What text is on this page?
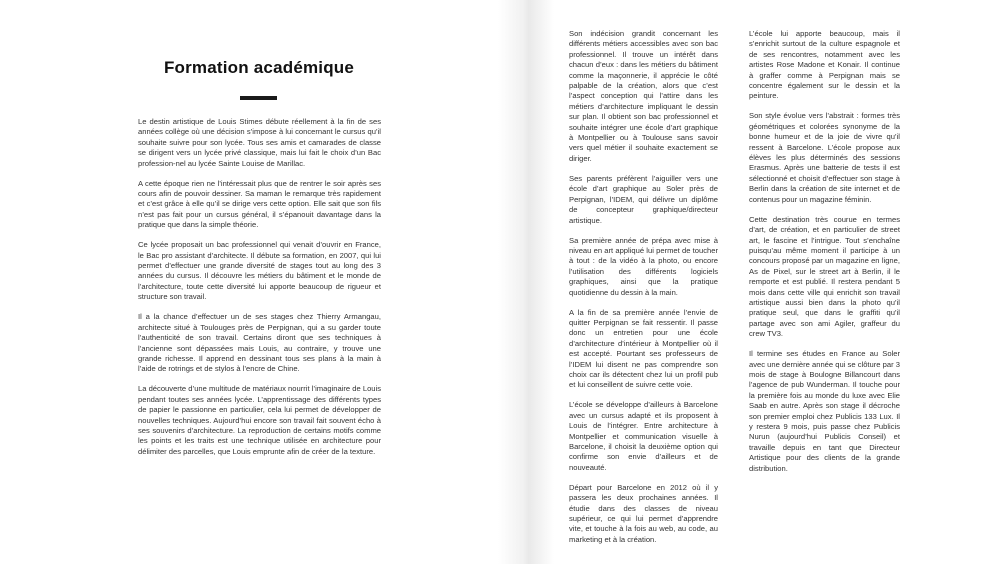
Formation académique

Le destin artistique de Louis Stimes débute réellement à la fin de ses années collège où une décision s’impose à lui concernant le cursus qu’il souhaite suivre pour son lycée. Tous ses amis et camarades de classe se dirigent vers un lycée privé classique, mais lui fait le choix d’un Bac profession-nel au lycée Sainte Louise de Marillac.

A cette époque rien ne l’intéressait plus que de rentrer le soir après ses cours afin de pouvoir dessiner. Sa maman le remarque très rapidement et c’est grâce à elle qu’il se dirige vers cette option. Elle sait que son fils n’est pas fait pour un cursus général, il s’épanouit davantage dans la pratique que dans la simple théorie.

Ce lycée proposait un bac professionnel qui venait d’ouvrir en France, le Bac pro assistant d’architecte. Il débute sa formation, en 2007, qui lui permet d’effectuer une grande diversité de stages tout au long des 3 années du cursus. Il découvre les métiers du bâtiment et le monde de l’architecture, toute cette diversité lui apporte beaucoup de rigueur et structure son travail.

Il a la chance d’effectuer un de ses stages chez Thierry Armangau, architecte situé à Toulouges près de Perpignan, qui a su garder toute l’authenticité de son travail. Certains diront que ses techniques à l’ancienne sont dépassées mais Louis, au contraire, y trouve une grande richesse. Il apprend en dessinant tous ses plans à la main à l’aide de rotrings et de stylos à l’encre de Chine.

La découverte d’une multitude de matériaux nourrit l’imaginaire de Louis pendant toutes ses années lycée. L’apprentissage des différents types de papier le passionne en particulier, cela lui permet de développer de nouvelles techniques. Aujourd’hui encore son travail fait souvent écho à ses souvenirs d’architecture. La reproduction de certains motifs comme les points et les traits est une technique utilisée en architecture pour délimiter des parcelles, que Louis emprunte afin de créer de la texture.

Son indécision grandit concernant les différents métiers accessibles avec son bac professionnel. Il trouve un intérêt dans chacun d’eux : dans les métiers du bâtiment comme la maçonnerie, il apprécie le côté palpable de la création, alors que c’est l’aspect conception qui l’attire dans les métiers d’architecture impliquant le dessin sur plan. Il obtient son bac professionnel et souhaite intégrer une école d’art graphique à Montpellier ou à Toulouse sans savoir vers quel métier il souhaite exactement se diriger.

Ses parents préfèrent l’aiguiller vers une école d’art graphique au Soler près de Perpignan, l’IDEM, qui délivre un diplôme de concepteur graphique/directeur artistique.

Sa première année de prépa avec mise à niveau en art appliqué lui permet de toucher à tout : de la vidéo à la photo, ou encore l’utilisation des différents logiciels graphiques, ainsi que la pratique quotidienne du dessin à la main.

A la fin de sa première année l’envie de quitter Perpignan se fait ressentir. Il passe donc un entretien pour une école d’architecture d’intérieur à Montpellier où il est accepté. Pourtant ses professeurs de l’IDEM lui disent ne pas comprendre son choix car ils détectent chez lui un profil pub et lui conseillent de suivre cette voie.

L’école se développe d’ailleurs à Barcelone avec un cursus adapté et ils proposent à Louis de l’intégrer. Entre architecture à Montpellier et communication visuelle à Barcelone, il choisit la deuxième option qui confirme son envie d’ailleurs et de nouveauté.

Départ pour Barcelone en 2012 où il y passera les deux prochaines années. Il étudie dans des classes de niveau supérieur, ce qui lui permet d’apprendre vite, et touche à la fois au web, au code, au marketing et à la création.

L’école lui apporte beaucoup, mais il s’enrichit surtout de la culture espagnole et de ses rencontres, notamment avec les artistes Rose Madone et Konair. Il continue à graffer comme à Perpignan mais se concentre également sur le dessin et la peinture.

Son style évolue vers l’abstrait : formes très géométriques et colorées synonyme de la bonne humeur et de la joie de vivre qu’il ressent à Barcelone. L’école propose aux élèves les plus déterminés des sessions Erasmus. Après une batterie de tests il est sélectionné et choisit d’effectuer son stage à Berlin dans la création de site internet et de contenus pour un magazine féminin.

Cette destination très courue en termes d’art, de création, et en particulier de street art, le fascine et l’intrigue. Tout s’enchaîne puisqu’au même moment il participe à un concours proposé par un magazine en ligne, As de Pixel, sur le street art à Berlin, il le remporte et est publié. Il restera pendant 5 mois dans cette ville qui enrichit son travail artistique aussi bien dans la photo qu’il pratique seul, que dans le graffiti qu’il partage avec son ami Agiler, graffeur du crew TV3.

Il termine ses études en France au Soler avec une dernière année qui se clôture par 3 mois de stage à Boulogne Billancourt dans l’agence de pub Wunderman. Il touche pour la première fois au monde du luxe avec Elie Saab en autre. Après son stage il décroche son premier emploi chez Publicis 133 Lux. Il y restera 9 mois, puis passe chez Publicis Nurun (aujourd’hui Publicis Conseil) et travaille depuis en tant que Directeur Artistique pour des clients de la grande distribution.
